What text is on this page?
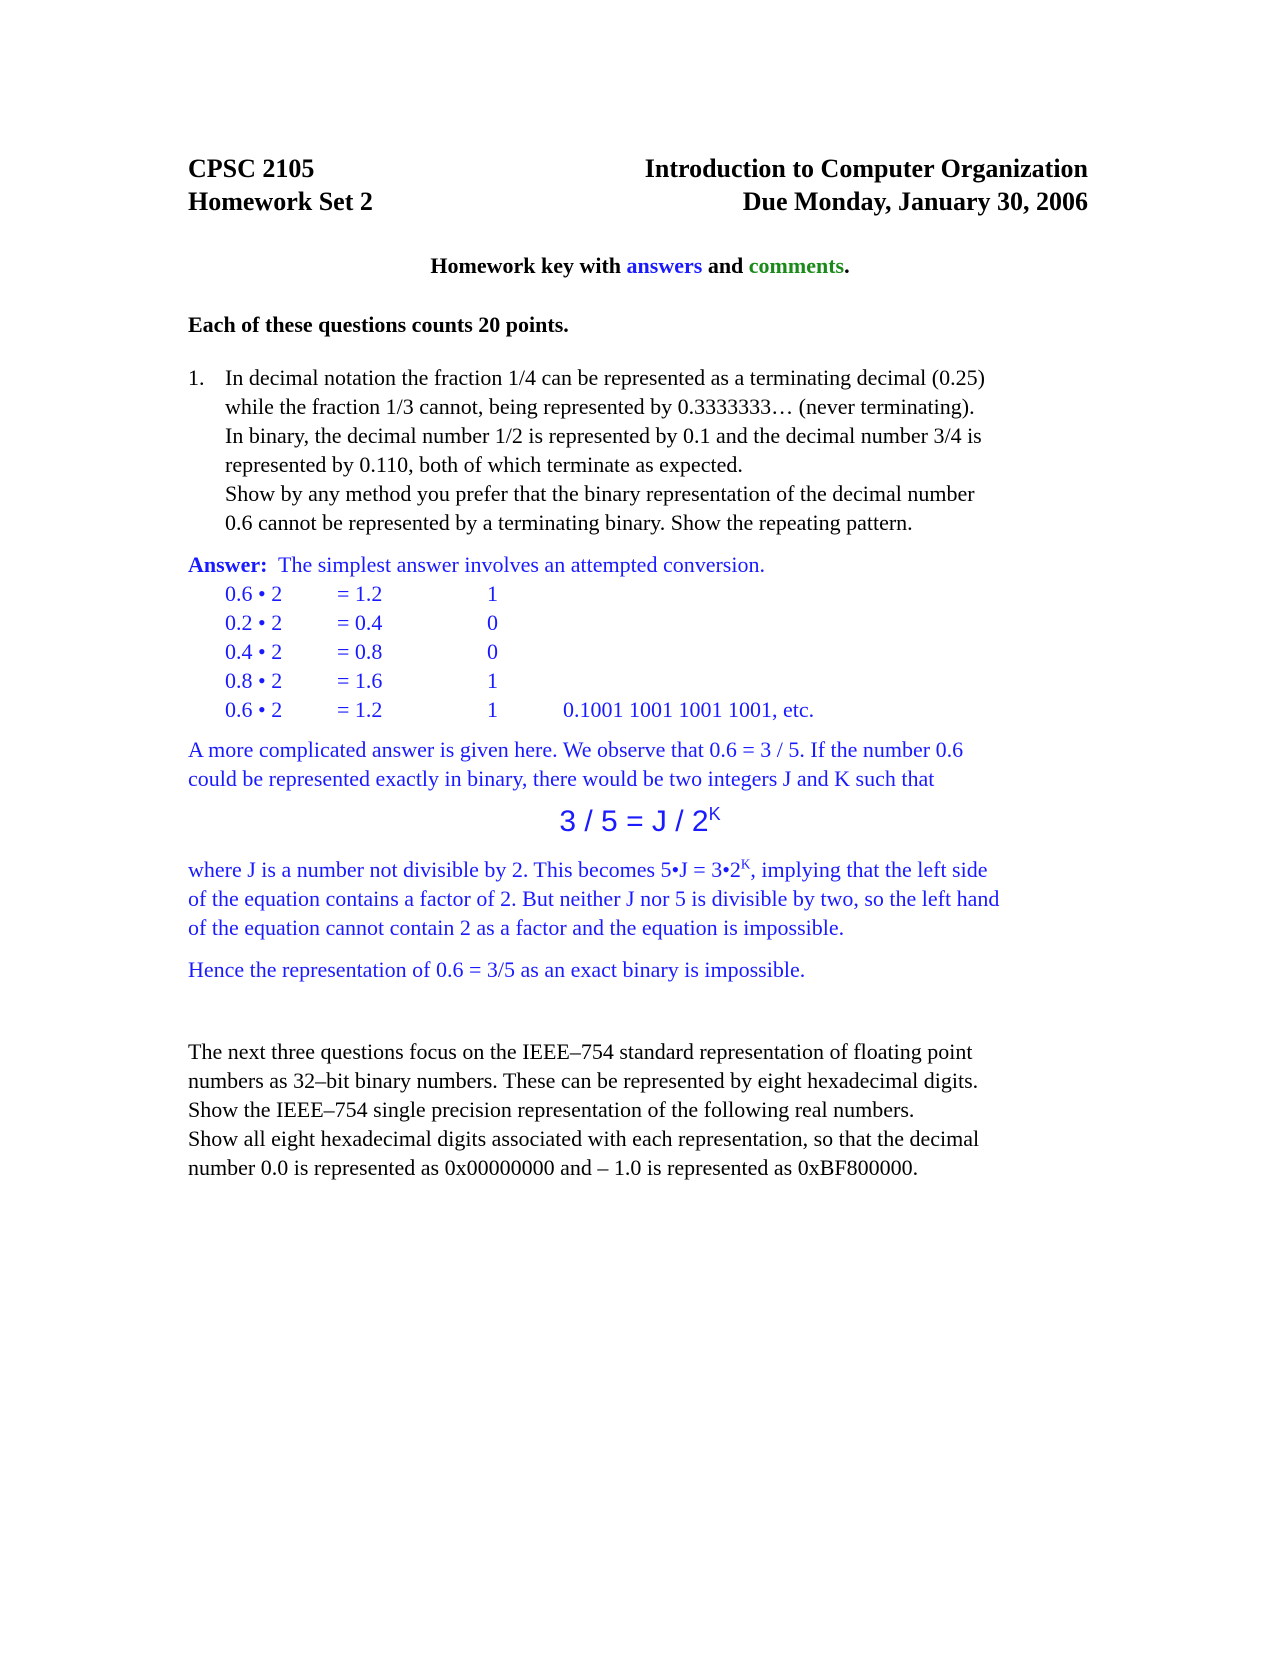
CPSC 2105	Introduction to Computer Organization
Homework Set 2	Due Monday, January 30, 2006
Homework key with answers and comments.
Each of these questions counts 20 points.
1. In decimal notation the fraction 1/4 can be represented as a terminating decimal (0.25)
while the fraction 1/3 cannot, being represented by 0.3333333… (never terminating).
In binary, the decimal number 1/2 is represented by 0.1 and the decimal number 3/4 is
represented by 0.110, both of which terminate as expected.
Show by any method you prefer that the binary representation of the decimal number
0.6 cannot be represented by a terminating binary. Show the repeating pattern.
Answer:  The simplest answer involves an attempted conversion.
0.6 • 2 = 1.2	1
0.2 • 2 = 0.4	0
0.4 • 2 = 0.8	0
0.8 • 2 = 1.6	1
0.6 • 2 = 1.2	1	0.1001 1001 1001 1001, etc.
A more complicated answer is given here. We observe that 0.6 = 3 / 5. If the number 0.6
could be represented exactly in binary, there would be two integers J and K such that
$3 / 5 = J / 2^K$
where J is a number not divisible by 2. This becomes 5•J = $3•2^K$, implying that the left side
of the equation contains a factor of 2. But neither J nor 5 is divisible by two, so the left hand
of the equation cannot contain 2 as a factor and the equation is impossible.
Hence the representation of 0.6 = 3/5 as an exact binary is impossible.
The next three questions focus on the IEEE–754 standard representation of floating point
numbers as 32–bit binary numbers. These can be represented by eight hexadecimal digits.
Show the IEEE–754 single precision representation of the following real numbers.
Show all eight hexadecimal digits associated with each representation, so that the decimal
number 0.0 is represented as 0x00000000 and – 1.0 is represented as 0xBF800000.
